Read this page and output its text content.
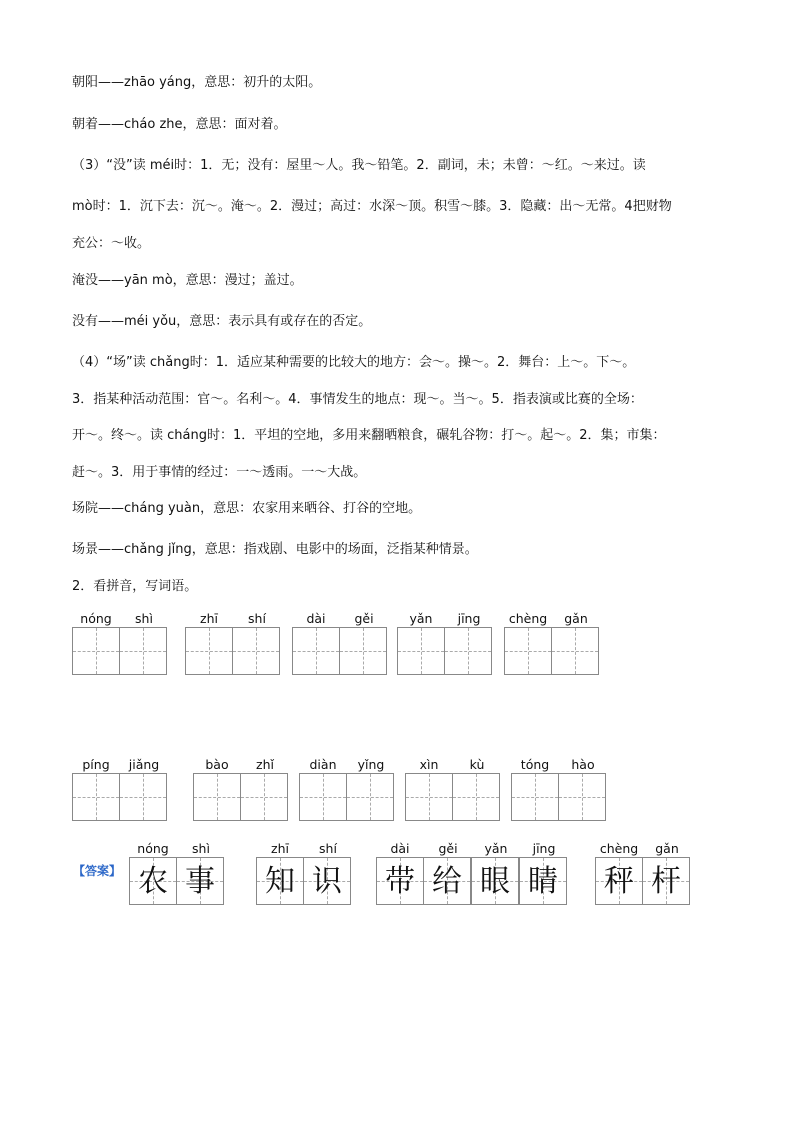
朝阳——zhāo yáng，意思：初升的太阳。
朝着——cháo zhe，意思：面对着。
（3）“没”读 méi时：1．无；没有：屋里～人。我～铅笔。2．副词，未；未曾：～红。～来过。读
mò时：1．沉下去：沉～。淹～。2．漫过；高过：水深～顶。积雪～膝。3．隐藏：出～无常。4把财物
充公：～收。
淹没——yān mò，意思：漫过；盖过。
没有——méi yǒu，意思：表示具有或存在的否定。
（4）“场”读 chǎng时：1．适应某种需要的比较大的地方：会～。操～。2．舞台：上～。下～。
3．指某种活动范围：官～。名利～。4．事情发生的地点：现～。当～。5．指表演或比赛的全场：
开～。终～。读 cháng时：1．平坦的空地，多用来翻晒粮食，碾轧谷物：打～。起～。2．集；市集：
赶～。3．用于事情的经过：一～透雨。一～大战。
场院——cháng yuàn，意思：农家用来晒谷、打谷的空地。
场景——chǎng jǐng，意思：指戏剧、电影中的场面，泛指某种情景。
2．看拼音，写词语。
nóng	shì	zhī	shí	dài	gěi	yǎn	jīng	chèng	gǎn
píng	jiǎng	bào	zhǐ	diàn	yǐng	xìn	kù	tóng	hào
【答案】
nóng
农
shì
事
zhī
知
shí
识
dài
带
gěi
给
yǎn
眼
jīng
睛
chèng
秤
gǎn
杆
